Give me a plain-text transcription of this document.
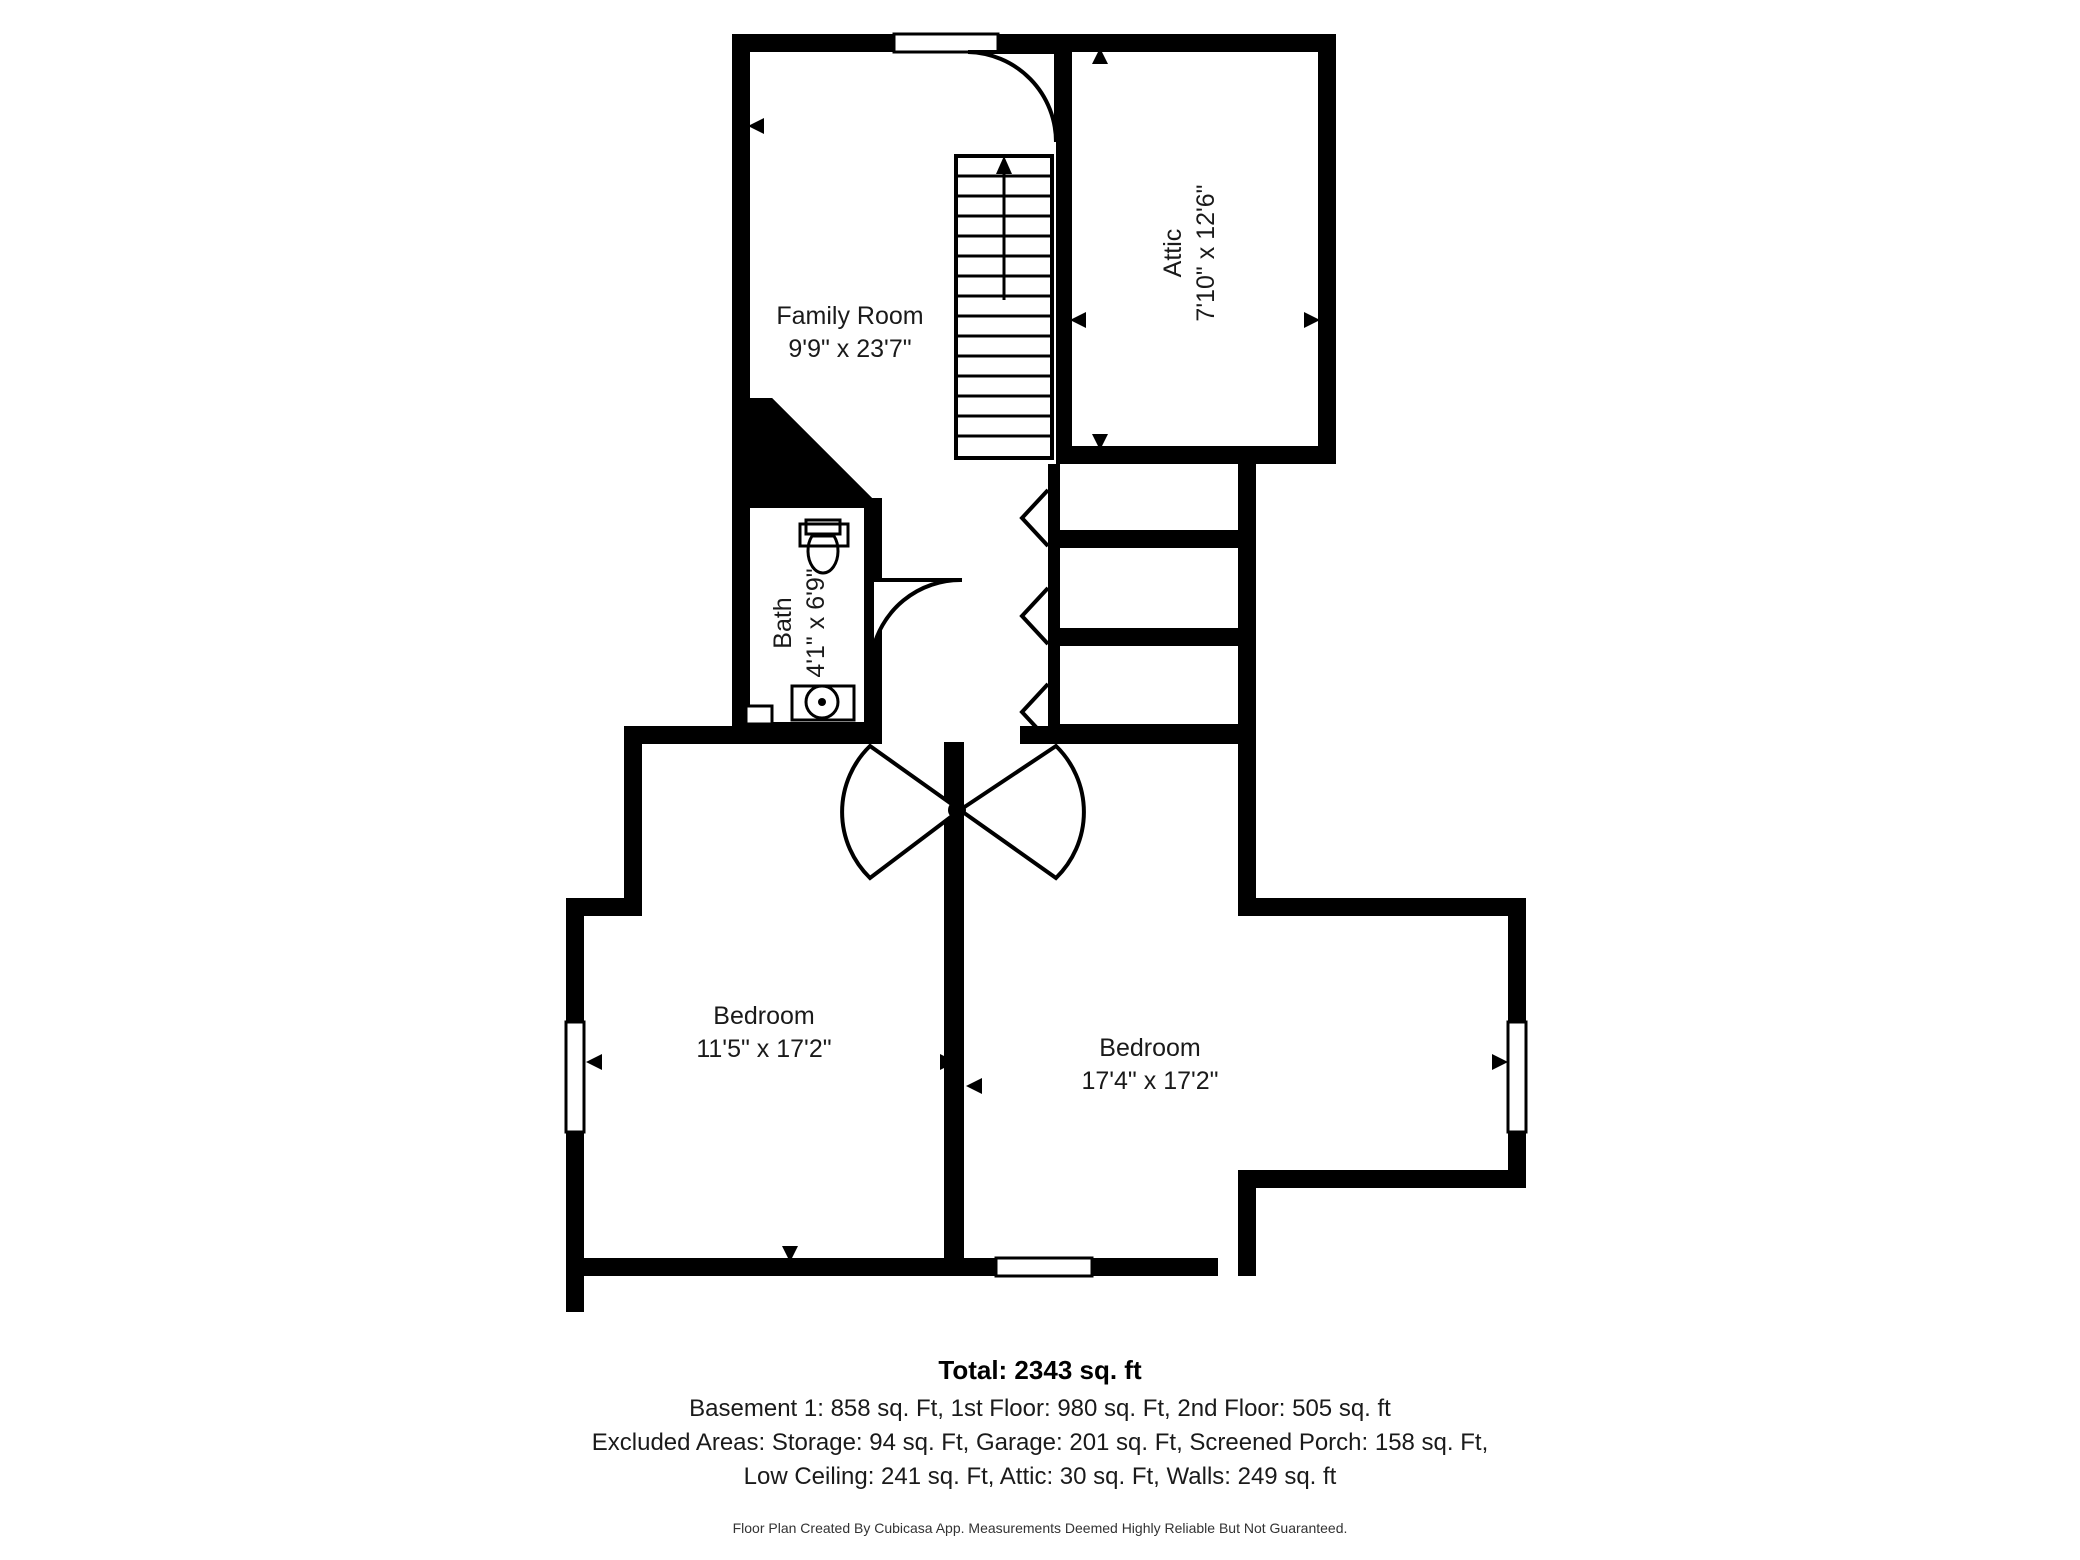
Family Room
9'9" x 23'7"
Attic 7'10" x 12'6"
Bath 4'1" x 6'9"
Bedroom
11'5" x 17'2"	Bedroom
17'4" x 17'2"
Total: 2343 sq. ft
Basement 1: 858 sq. Ft, 1st Floor: 980 sq. Ft, 2nd Floor: 505 sq. ft
Excluded Areas: Storage: 94 sq. Ft, Garage: 201 sq. Ft, Screened Porch: 158 sq. Ft,
Low Ceiling: 241 sq. Ft, Attic: 30 sq. Ft, Walls: 249 sq. ft
Floor Plan Created By Cubicasa App. Measurements Deemed Highly Reliable But Not Guaranteed.
